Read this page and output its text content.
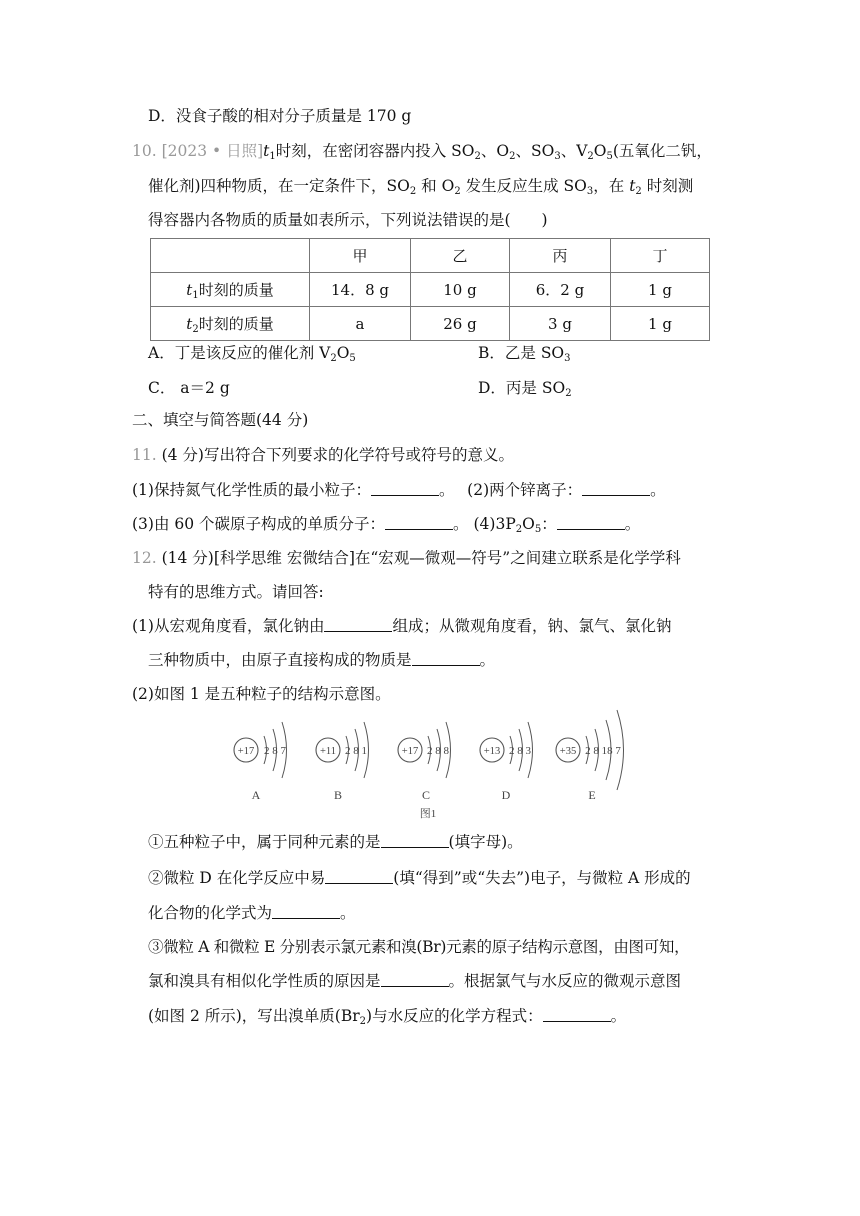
D．没食子酸的相对分子质量是 170 g
10. [2023 • 日照]$t_1$时刻，在密闭容器内投入 $SO_2$、$O_2$、$SO_3$、$V_2O_5$(五氧化二钒，
催化剂)四种物质，在一定条件下，$SO_2$ 和 $O_2$ 发生反应生成 $SO_3$，在 $t_2$ 时刻测
得容器内各物质的质量如表所示，下列说法错误的是(　　)
	甲	乙	丙	丁
$t_1$时刻的质量	14．8 g	10 g	6．2 g	1 g
$t_2$时刻的质量	a	26 g	3 g	1 g
A．丁是该反应的催化剂 $V_2O_5$	B．乙是 $SO_3$
C． a＝2 g	D．丙是 $SO_2$
二、填空与简答题(44 分)
11. (4 分)写出符合下列要求的化学符号或符号的意义。
(1)保持氮气化学性质的最小粒子：	。　 (2)两个锌离子：	。
(3)由 60 个碳原子构成的单质分子：	。 $(4)3P_2O_5$：	。
12. (14 分)[科学思维 宏微结合]在“宏观—微观—符号”之间建立联系是化学学科
特有的思维方式。请回答:
(1)从宏观角度看，氯化钠由	组成；从微观角度看，钠、氯气、氯化钠
三种物质中，由原子直接构成的物质是	。
(2)如图 1 是五种粒子的结构示意图。
+17 2 8 7
A
+11 2 8 1
B
+17 2 8 8
C
+13 2 8 3
D
+35 2 8 18 7
E
图1
①五种粒子中，属于同种元素的是	(填字母)。
②微粒 D 在化学反应中易	(填“得到”或“失去”)电子，与微粒 A 形成的
化合物的化学式为	。
③微粒 A 和微粒 E 分别表示氯元素和溴(Br)元素的原子结构示意图，由图可知，
氯和溴具有相似化学性质的原因是	。根据氯气与水反应的微观示意图
(如图 2 所示)，写出溴单质$(Br_2)$与水反应的化学方程式：	。
